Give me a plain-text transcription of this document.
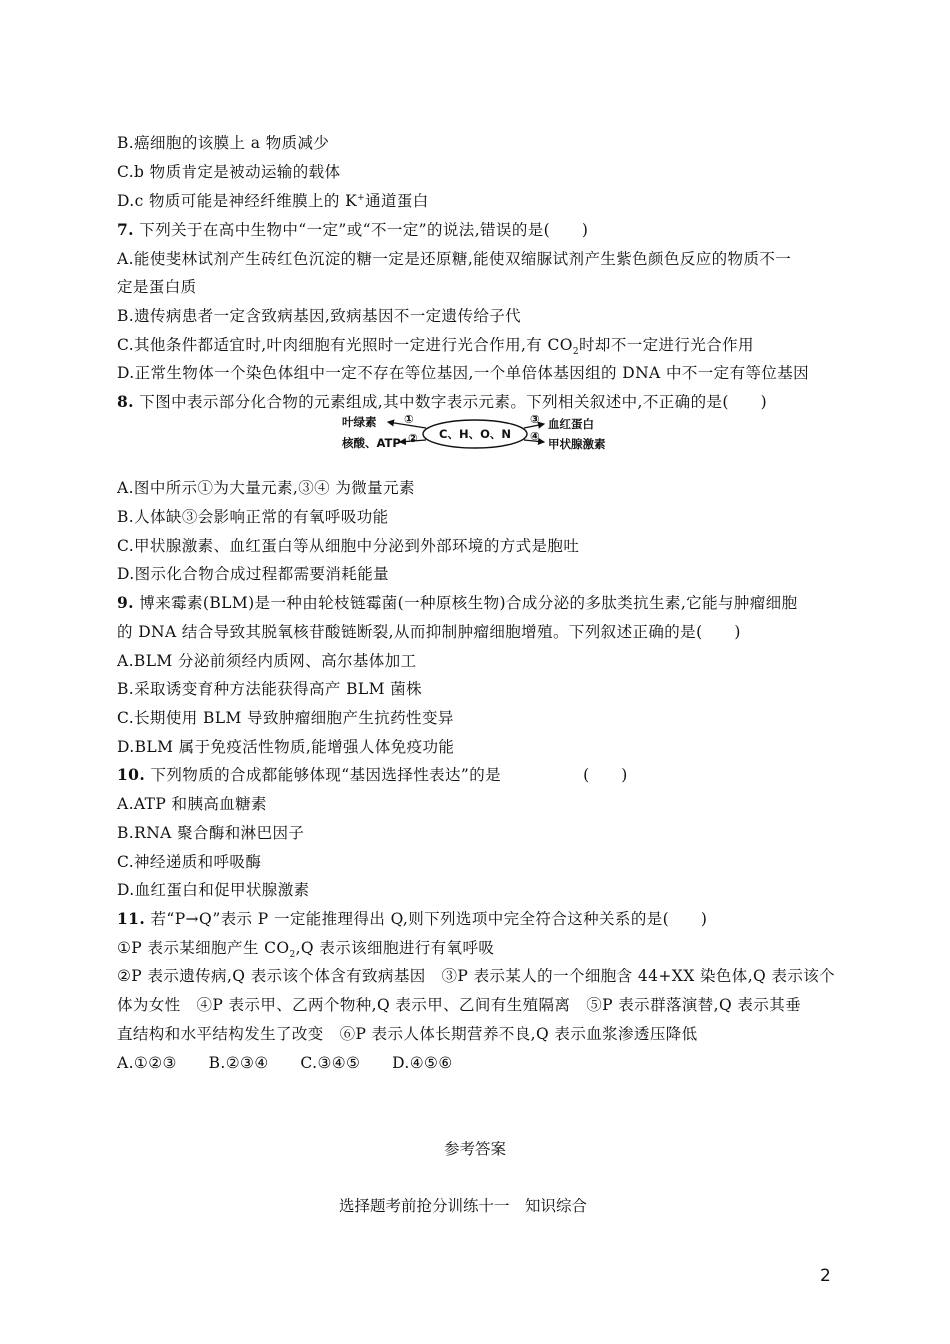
B.癌细胞的该膜上 a 物质减少
C.b 物质肯定是被动运输的载体
D.c 物质可能是神经纤维膜上的 K+通道蛋白
7. 下列关于在高中生物中“一定”或“不一定”的说法,错误的是(　　)
A.能使斐林试剂产生砖红色沉淀的糖一定是还原糖,能使双缩脲试剂产生紫色颜色反应的物质不一
定是蛋白质
B.遗传病患者一定含致病基因,致病基因不一定遗传给子代
C.其他条件都适宜时,叶肉细胞有光照时一定进行光合作用,有 $CO_2$时却不一定进行光合作用
D.正常生物体一个染色体组中一定不存在等位基因,一个单倍体基因组的 DNA 中不一定有等位基因
8. 下图中表示部分化合物的元素组成,其中数字表示元素。下列相关叙述中,不正确的是(　　)
C、H、O、N
叶绿素
核酸、ATP
①
②
③
④
血红蛋白
甲状腺激素
A.图中所示①为大量元素,③④ 为微量元素
B.人体缺③会影响正常的有氧呼吸功能
C.甲状腺激素、血红蛋白等从细胞中分泌到外部环境的方式是胞吐
D.图示化合物合成过程都需要消耗能量
9. 博来霉素(BLM)是一种由轮枝链霉菌(一种原核生物)合成分泌的多肽类抗生素,它能与肿瘤细胞
的 DNA 结合导致其脱氧核苷酸链断裂,从而抑制肿瘤细胞增殖。下列叙述正确的是(　　)
A.BLM 分泌前须经内质网、高尔基体加工
B.采取诱变育种方法能获得高产 BLM 菌株
C.长期使用 BLM 导致肿瘤细胞产生抗药性变异
D.BLM 属于免疫活性物质,能增强人体免疫功能
10. 下列物质的合成都能够体现“基因选择性表达”的是	(　　)
A.ATP 和胰高血糖素
B.RNA 聚合酶和淋巴因子
C.神经递质和呼吸酶
D.血红蛋白和促甲状腺激素
11. 若“P→Q”表示 P 一定能推理得出 Q,则下列选项中完全符合这种关系的是(　　)
①P 表示某细胞产生 $CO_2,Q$ 表示该细胞进行有氧呼吸
②P 表示遗传病,Q 表示该个体含有致病基因　③P 表示某人的一个细胞含 44+XX 染色体,Q 表示该个
体为女性　④P 表示甲、乙两个物种,Q 表示甲、乙间有生殖隔离　⑤P 表示群落演替,Q 表示其垂
直结构和水平结构发生了改变　⑥P 表示人体长期营养不良,Q 表示血浆渗透压降低
A.①②③　　B.②③④　　C.③④⑤　　D.④⑤⑥
参考答案
选择题考前抢分训练十一　知识综合
2
